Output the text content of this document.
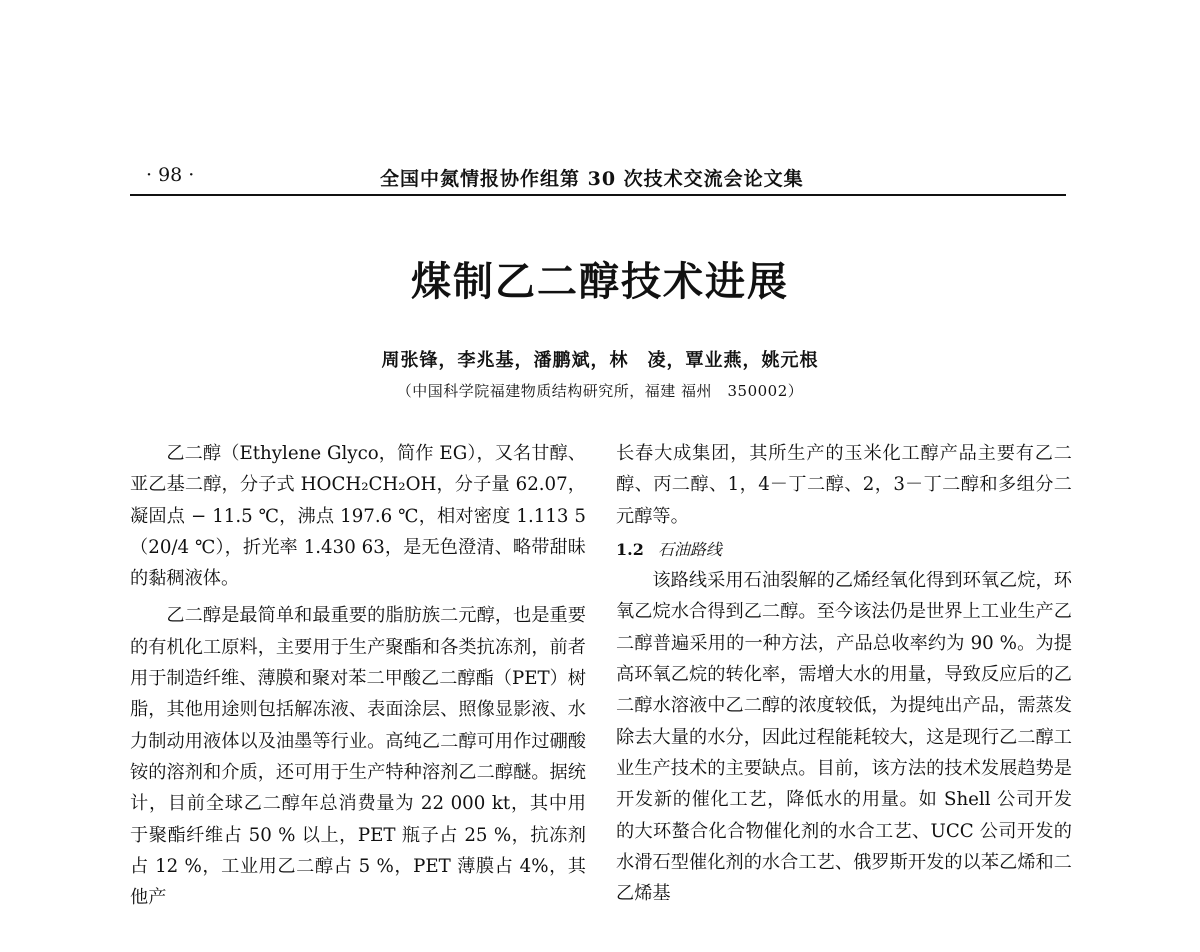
· 98 ·	全国中氮情报协作组第 30 次技术交流会论文集
煤制乙二醇技术进展
周张锋，李兆基，潘鹏斌，林　凌，覃业燕，姚元根
（中国科学院福建物质结构研究所，福建 福州　350002）

乙二醇（Ethylene Glyco，简作 EG），又名甘醇、亚乙基二醇，分子式 HOCH₂CH₂OH，分子量 62.07，凝固点 − 11.5 ℃，沸点 197.6 ℃，相对密度 1.113 5（20/4 ℃），折光率 1.430 63，是无色澄清、略带甜昧的黏稠液体。

乙二醇是最简单和最重要的脂肪族二元醇，也是重要的有机化工原料，主要用于生产聚酯和各类抗冻剂，前者用于制造纤维、薄膜和聚对苯二甲酸乙二醇酯（PET）树脂，其他用途则包括解冻液、表面涂层、照像显影液、水力制动用液体以及油墨等行业。高纯乙二醇可用作过硼酸铵的溶剂和介质，还可用于生产特种溶剂乙二醇醚。据统计，目前全球乙二醇年总消费量为 22 000 kt，其中用于聚酯纤维占 50 % 以上，PET 瓶子占 25 %，抗冻剂占 12 %，工业用乙二醇占 5 %，PET 薄膜占 4%，其他产

长春大成集团，其所生产的玉米化工醇产品主要有乙二醇、丙二醇、1，4－丁二醇、2，3－丁二醇和多组分二元醇等。

1.2 石油路线

该路线采用石油裂解的乙烯经氧化得到环氧乙烷，环氧乙烷水合得到乙二醇。至今该法仍是世界上工业生产乙二醇普遍采用的一种方法，产品总收率约为 90 %。为提高环氧乙烷的转化率，需增大水的用量，导致反应后的乙二醇水溶液中乙二醇的浓度较低，为提纯出产品，需蒸发除去大量的水分，因此过程能耗较大，这是现行乙二醇工业生产技术的主要缺点。目前，该方法的技术发展趋势是开发新的催化工艺，降低水的用量。如 Shell 公司开发的大环螯合化合物催化剂的水合工艺、UCC 公司开发的水滑石型催化剂的水合工艺、俄罗斯开发的以苯乙烯和二乙烯基
